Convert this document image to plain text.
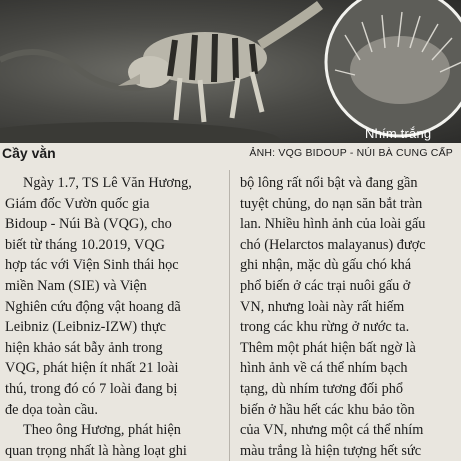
Nhím trắng
Cầy vằn	ẢNH: VQG BIDOUP - NÚI BÀ CUNG CẤP
Ngày 1.7, TS Lê Văn Hương,
Giám đốc Vườn quốc gia
Bidoup - Núi Bà (VQG), cho
biết từ tháng 10.2019, VQG
hợp tác với Viện Sinh thái học
miền Nam (SIE) và Viện
Nghiên cứu động vật hoang dã
Leibniz (Leibniz-IZW) thực
hiện khảo sát bẫy ảnh trong
VQG, phát hiện ít nhất 21 loài
thú, trong đó có 7 loài đang bị
đe dọa toàn cầu.
Theo ông Hương, phát hiện
quan trọng nhất là hàng loạt ghi
bộ lông rất nổi bật và đang gần
tuyệt chủng, do nạn săn bắt tràn
lan. Nhiều hình ảnh của loài gấu
chó (Helarctos malayanus) được
ghi nhận, mặc dù gấu chó khá
phổ biến ở các trại nuôi gấu ở
VN, nhưng loài này rất hiếm
trong các khu rừng ở nước ta.
Thêm một phát hiện bất ngờ là
hình ảnh về cá thể nhím bạch
tạng, dù nhím tương đối phổ
biến ở hầu hết các khu bảo tồn
của VN, nhưng một cá thể nhím
màu trắng là hiện tượng hết sức
